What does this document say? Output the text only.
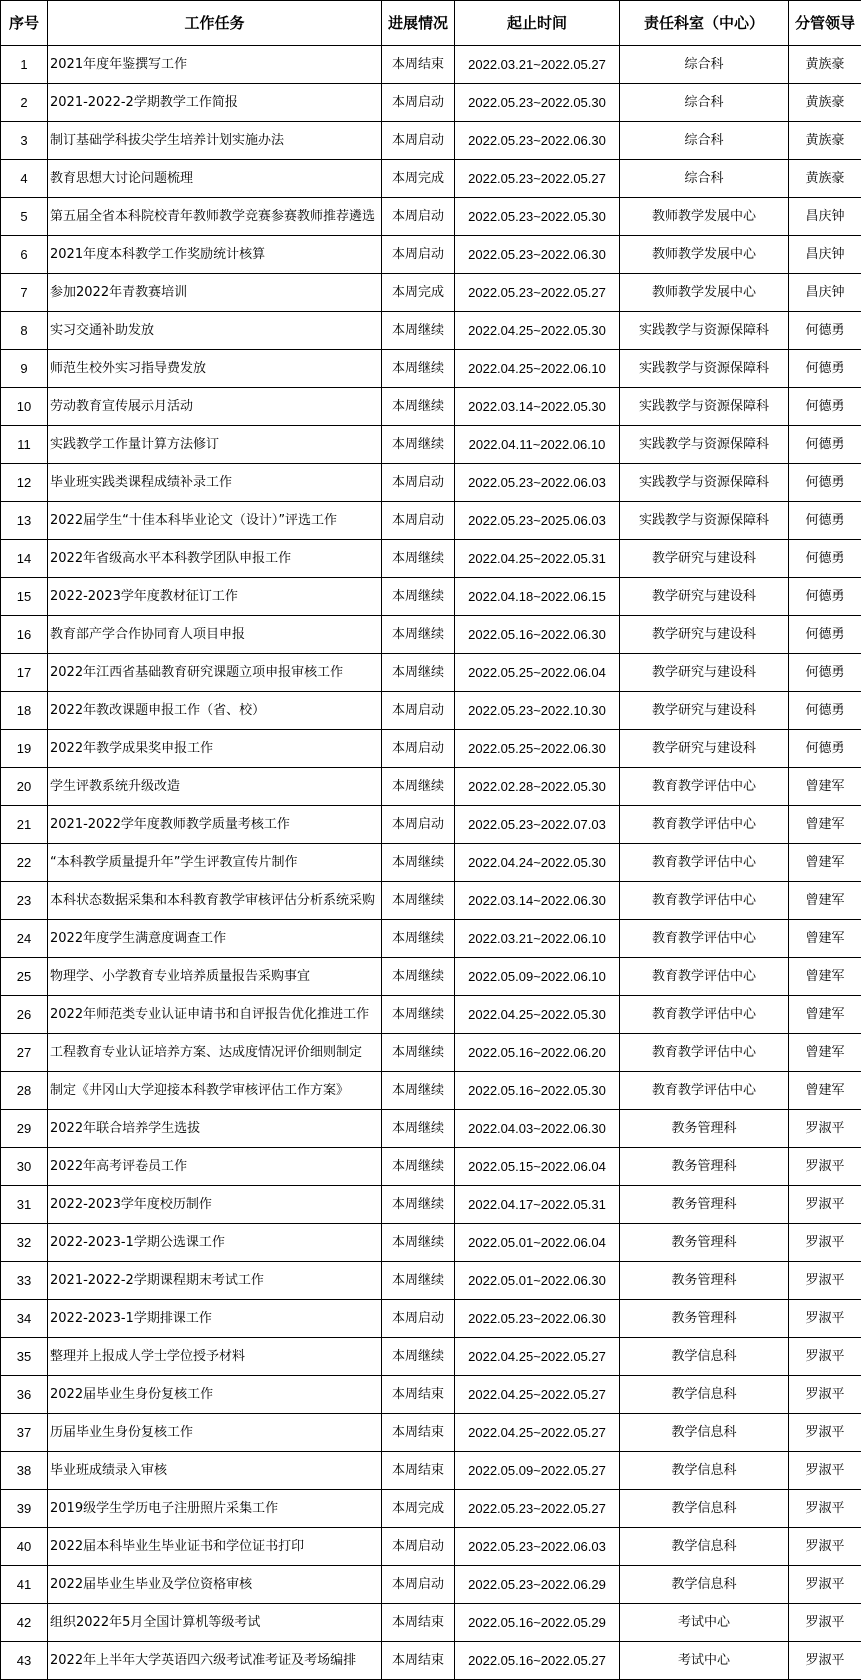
序号	工作任务	进展情况	起止时间	责任科室（中心）	分管领导
1	2021年度年鉴撰写工作	本周结束	2022.03.21~2022.05.27	综合科	黄族豪
2	2021-2022-2学期教学工作简报	本周启动	2022.05.23~2022.05.30	综合科	黄族豪
3	制订基础学科拔尖学生培养计划实施办法	本周启动	2022.05.23~2022.06.30	综合科	黄族豪
4	教育思想大讨论问题梳理	本周完成	2022.05.23~2022.05.27	综合科	黄族豪
5	第五届全省本科院校青年教师教学竞赛参赛教师推荐遴选	本周启动	2022.05.23~2022.05.30	教师教学发展中心	昌庆钟
6	2021年度本科教学工作奖励统计核算	本周启动	2022.05.23~2022.06.30	教师教学发展中心	昌庆钟
7	参加2022年青教赛培训	本周完成	2022.05.23~2022.05.27	教师教学发展中心	昌庆钟
8	实习交通补助发放	本周继续	2022.04.25~2022.05.30	实践教学与资源保障科	何德勇
9	师范生校外实习指导费发放	本周继续	2022.04.25~2022.06.10	实践教学与资源保障科	何德勇
10	劳动教育宣传展示月活动	本周继续	2022.03.14~2022.05.30	实践教学与资源保障科	何德勇
11	实践教学工作量计算方法修订	本周继续	2022.04.11~2022.06.10	实践教学与资源保障科	何德勇
12	毕业班实践类课程成绩补录工作	本周启动	2022.05.23~2022.06.03	实践教学与资源保障科	何德勇
13	2022届学生“十佳本科毕业论文（设计）”评选工作	本周启动	2022.05.23~2025.06.03	实践教学与资源保障科	何德勇
14	2022年省级高水平本科教学团队申报工作	本周继续	2022.04.25~2022.05.31	教学研究与建设科	何德勇
15	2022-2023学年度教材征订工作	本周继续	2022.04.18~2022.06.15	教学研究与建设科	何德勇
16	教育部产学合作协同育人项目申报	本周继续	2022.05.16~2022.06.30	教学研究与建设科	何德勇
17	2022年江西省基础教育研究课题立项申报审核工作	本周继续	2022.05.25~2022.06.04	教学研究与建设科	何德勇
18	2022年教改课题申报工作（省、校）	本周启动	2022.05.23~2022.10.30	教学研究与建设科	何德勇
19	2022年教学成果奖申报工作	本周启动	2022.05.25~2022.06.30	教学研究与建设科	何德勇
20	学生评教系统升级改造	本周继续	2022.02.28~2022.05.30	教育教学评估中心	曾建军
21	2021-2022学年度教师教学质量考核工作	本周启动	2022.05.23~2022.07.03	教育教学评估中心	曾建军
22	“本科教学质量提升年”学生评教宣传片制作	本周继续	2022.04.24~2022.05.30	教育教学评估中心	曾建军
23	本科状态数据采集和本科教育教学审核评估分析系统采购	本周继续	2022.03.14~2022.06.30	教育教学评估中心	曾建军
24	2022年度学生满意度调查工作	本周继续	2022.03.21~2022.06.10	教育教学评估中心	曾建军
25	物理学、小学教育专业培养质量报告采购事宜	本周继续	2022.05.09~2022.06.10	教育教学评估中心	曾建军
26	2022年师范类专业认证申请书和自评报告优化推进工作	本周继续	2022.04.25~2022.05.30	教育教学评估中心	曾建军
27	工程教育专业认证培养方案、达成度情况评价细则制定	本周继续	2022.05.16~2022.06.20	教育教学评估中心	曾建军
28	制定《井冈山大学迎接本科教学审核评估工作方案》	本周继续	2022.05.16~2022.05.30	教育教学评估中心	曾建军
29	2022年联合培养学生选拔	本周继续	2022.04.03~2022.06.30	教务管理科	罗淑平
30	2022年高考评卷员工作	本周继续	2022.05.15~2022.06.04	教务管理科	罗淑平
31	2022-2023学年度校历制作	本周继续	2022.04.17~2022.05.31	教务管理科	罗淑平
32	2022-2023-1学期公选课工作	本周继续	2022.05.01~2022.06.04	教务管理科	罗淑平
33	2021-2022-2学期课程期末考试工作	本周继续	2022.05.01~2022.06.30	教务管理科	罗淑平
34	2022-2023-1学期排课工作	本周启动	2022.05.23~2022.06.30	教务管理科	罗淑平
35	整理并上报成人学士学位授予材料	本周继续	2022.04.25~2022.05.27	教学信息科	罗淑平
36	2022届毕业生身份复核工作	本周结束	2022.04.25~2022.05.27	教学信息科	罗淑平
37	历届毕业生身份复核工作	本周结束	2022.04.25~2022.05.27	教学信息科	罗淑平
38	毕业班成绩录入审核	本周结束	2022.05.09~2022.05.27	教学信息科	罗淑平
39	2019级学生学历电子注册照片采集工作	本周完成	2022.05.23~2022.05.27	教学信息科	罗淑平
40	2022届本科毕业生毕业证书和学位证书打印	本周启动	2022.05.23~2022.06.03	教学信息科	罗淑平
41	2022届毕业生毕业及学位资格审核	本周启动	2022.05.23~2022.06.29	教学信息科	罗淑平
42	组织2022年5月全国计算机等级考试	本周结束	2022.05.16~2022.05.29	考试中心	罗淑平
43	2022年上半年大学英语四六级考试准考证及考场编排	本周结束	2022.05.16~2022.05.27	考试中心	罗淑平
